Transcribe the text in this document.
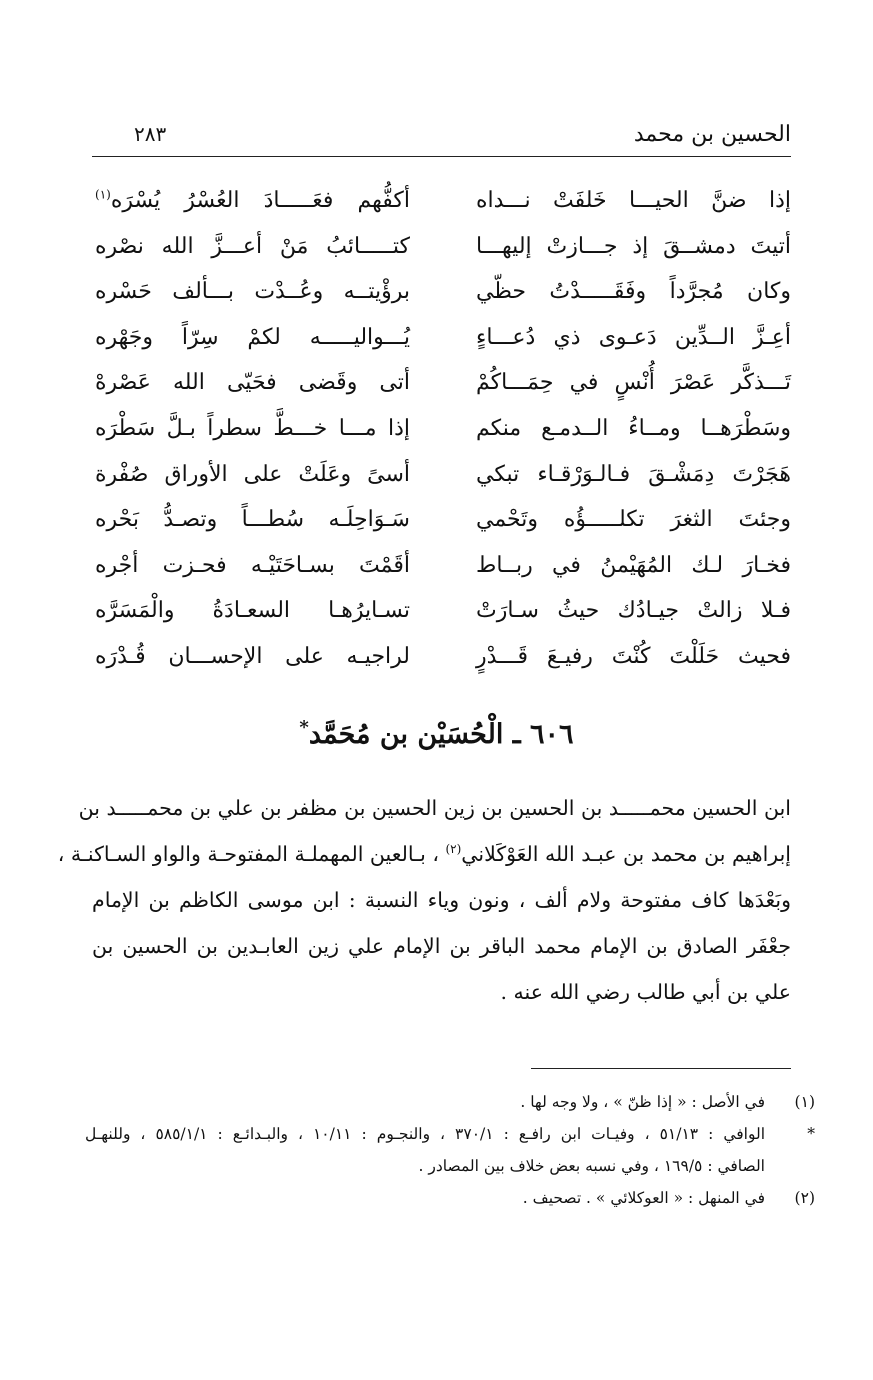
الحسين بن محمد
٢٨٣
إذا ضنَّ الحيـــا خَلفَتْ نـــداه
أكفُّهم فعَـــــادَ العُسْرُ يُسْرَه$^{(١)}$
أتيتَ دمشــقَ إذ جـــازتْ إليهـــا
كتـــــائبُ مَنْ أعـــزَّ الله نصْره
وكان مُجرَّداً وفَقَـــــدْتُ حظّي
برؤْيتــه وعُــدْت بـــألف حَسْره
أعِـزَّ الــدِّين دَعـوى ذي دُعـــاءٍ
يُـــواليـــــه لكمْ سِرّاً وجَهْره
تَـــذكَّر عَصْرَ أُنْسٍ في حِمَـــاكُمْ
أتى وقَضى فحَيّى الله عَصْرهْ
وسَطْرَهــا ومــاءُ الــدمـع منكم
إذا مـــا خـــطَّ سطراً بـلَّ سَطْرَه
هَجَرْتَ دِمَشْـقَ فـالـوَرْقـاء تبكي
أسىً وعَلَتْ على الأوراق صُفْرة
وجئتَ الثغرَ تكلـــــؤُه وتَحْمي
سَـوَاحِلَـه سُطـــاً وتصـدُّ بَحْره
فخـارَ لـك المُهَيْمنُ في ربــاط
أقَمْتَ بسـاحَتَيْـه فحـزت أجْره
فـلا زالتْ جيـادُك حيثُ سـارَتْ
تسـايرُهـا السعـادَةُ والْمَسَرَّه
فحيث حَلَلْتَ كُنْتَ رفيـعَ قَـــدْرٍ
لراجيـه على الإحســـان قُـدْرَه
٦٠٦ ـ الْحُسَيْن بن مُحَمَّد*
ابن الحسين محمـــــد بن الحسين بن زين الحسين بن مظفر بن علي بن محمـــــد بن
إبراهيم بن محمد بن عبـد الله العَوْكَلاني$^{(٢)}$ ، بـالعين المهملـة المفتوحـة والواو السـاكنـة ،
وبَعْدَها كاف مفتوحة ولام ألف ، ونون وياء النسبة : ابن موسى الكاظم بن الإمام
جعْفَر الصادق بن الإمام محمد الباقر بن الإمام علي زين العابـدين بن الحسين بن
علي بن أبي طالب رضي الله عنه .
(١)
في الأصل : « إذا ظنّ » ، ولا وجه لها .
*
الوافي : ٥١/١٣ ، وفيـات ابن رافـع : ٣٧٠/١ ، والنجـوم : ١٠/١١ ، والبـدائـع : ٥٨٥/١/١ ، وللنهـل
الصافي : ١٦٩/٥ ، وفي نسبه بعض خلاف بين المصادر .
(٢)
في المنهل : « العوكلائي » . تصحيف .
